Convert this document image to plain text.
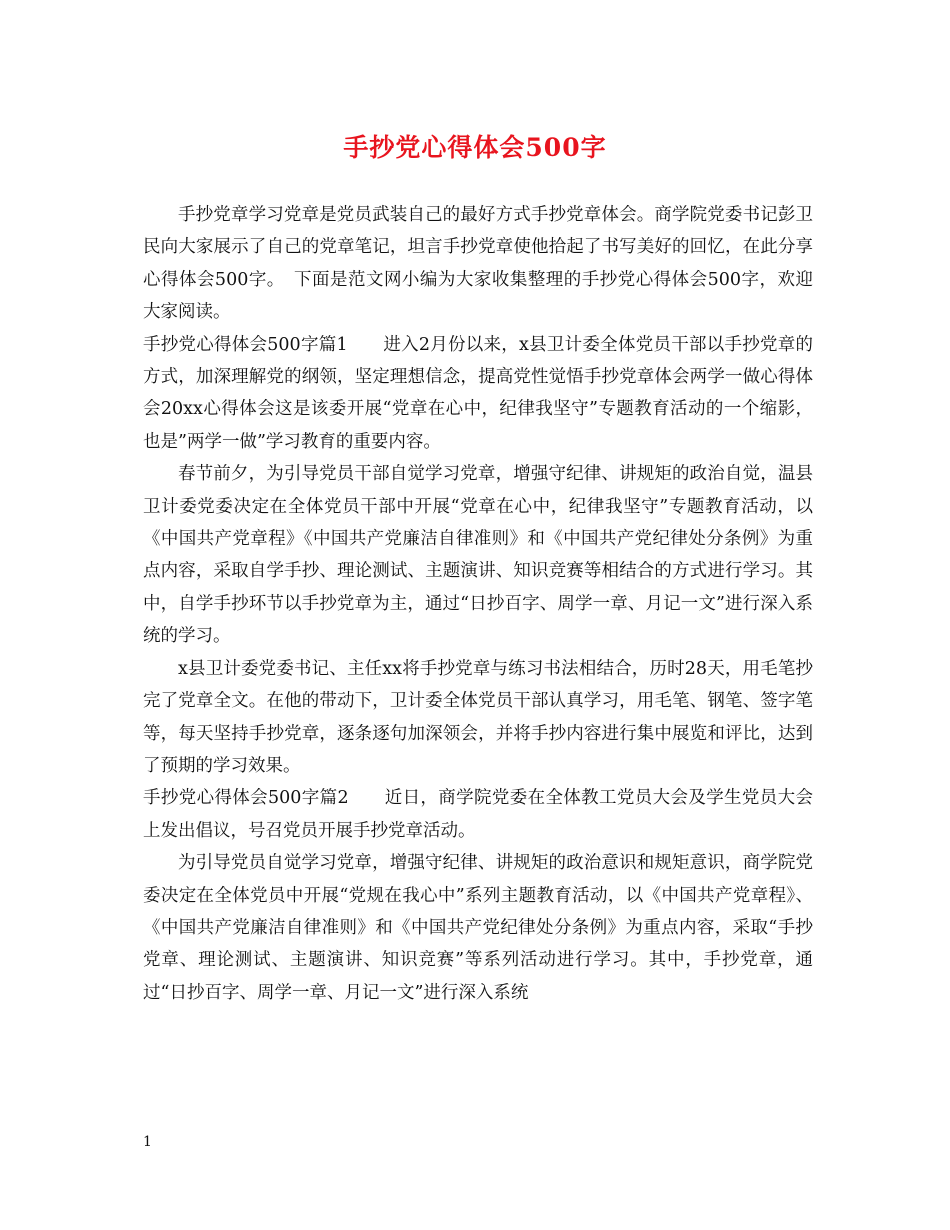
手抄党心得体会500字

手抄党章学习党章是党员武装自己的最好方式手抄党章体会。商学院党委书记彭卫民向大家展示了自己的党章笔记，坦言手抄党章使他拾起了书写美好的回忆，在此分享心得体会500字。　下面是范文网小编为大家收集整理的手抄党心得体会500字，欢迎大家阅读。

手抄党心得体会500字篇1　　进入2月份以来，x县卫计委全体党员干部以手抄党章的方式，加深理解党的纲领，坚定理想信念，提高党性觉悟手抄党章体会两学一做心得体会20xx心得体会这是该委开展“党章在心中，纪律我坚守”专题教育活动的一个缩影，也是”两学一做”学习教育的重要内容。

春节前夕，为引导党员干部自觉学习党章，增强守纪律、讲规矩的政治自觉，温县卫计委党委决定在全体党员干部中开展“党章在心中，纪律我坚守”专题教育活动，以《中国共产党章程》《中国共产党廉洁自律准则》和《中国共产党纪律处分条例》为重点内容，采取自学手抄、理论测试、主题演讲、知识竞赛等相结合的方式进行学习。其中，自学手抄环节以手抄党章为主，通过“日抄百字、周学一章、月记一文”进行深入系统的学习。

x县卫计委党委书记、主任xx将手抄党章与练习书法相结合，历时28天，用毛笔抄完了党章全文。在他的带动下，卫计委全体党员干部认真学习，用毛笔、钢笔、签字笔等，每天坚持手抄党章，逐条逐句加深领会，并将手抄内容进行集中展览和评比，达到了预期的学习效果。

手抄党心得体会500字篇2　　近日，商学院党委在全体教工党员大会及学生党员大会上发出倡议，号召党员开展手抄党章活动。

为引导党员自觉学习党章，增强守纪律、讲规矩的政治意识和规矩意识，商学院党委决定在全体党员中开展“党规在我心中”系列主题教育活动，以《中国共产党章程》、《中国共产党廉洁自律准则》和《中国共产党纪律处分条例》为重点内容，采取“手抄党章、理论测试、主题演讲、知识竞赛”等系列活动进行学习。其中，手抄党章，通过“日抄百字、周学一章、月记一文”进行深入系统

1
